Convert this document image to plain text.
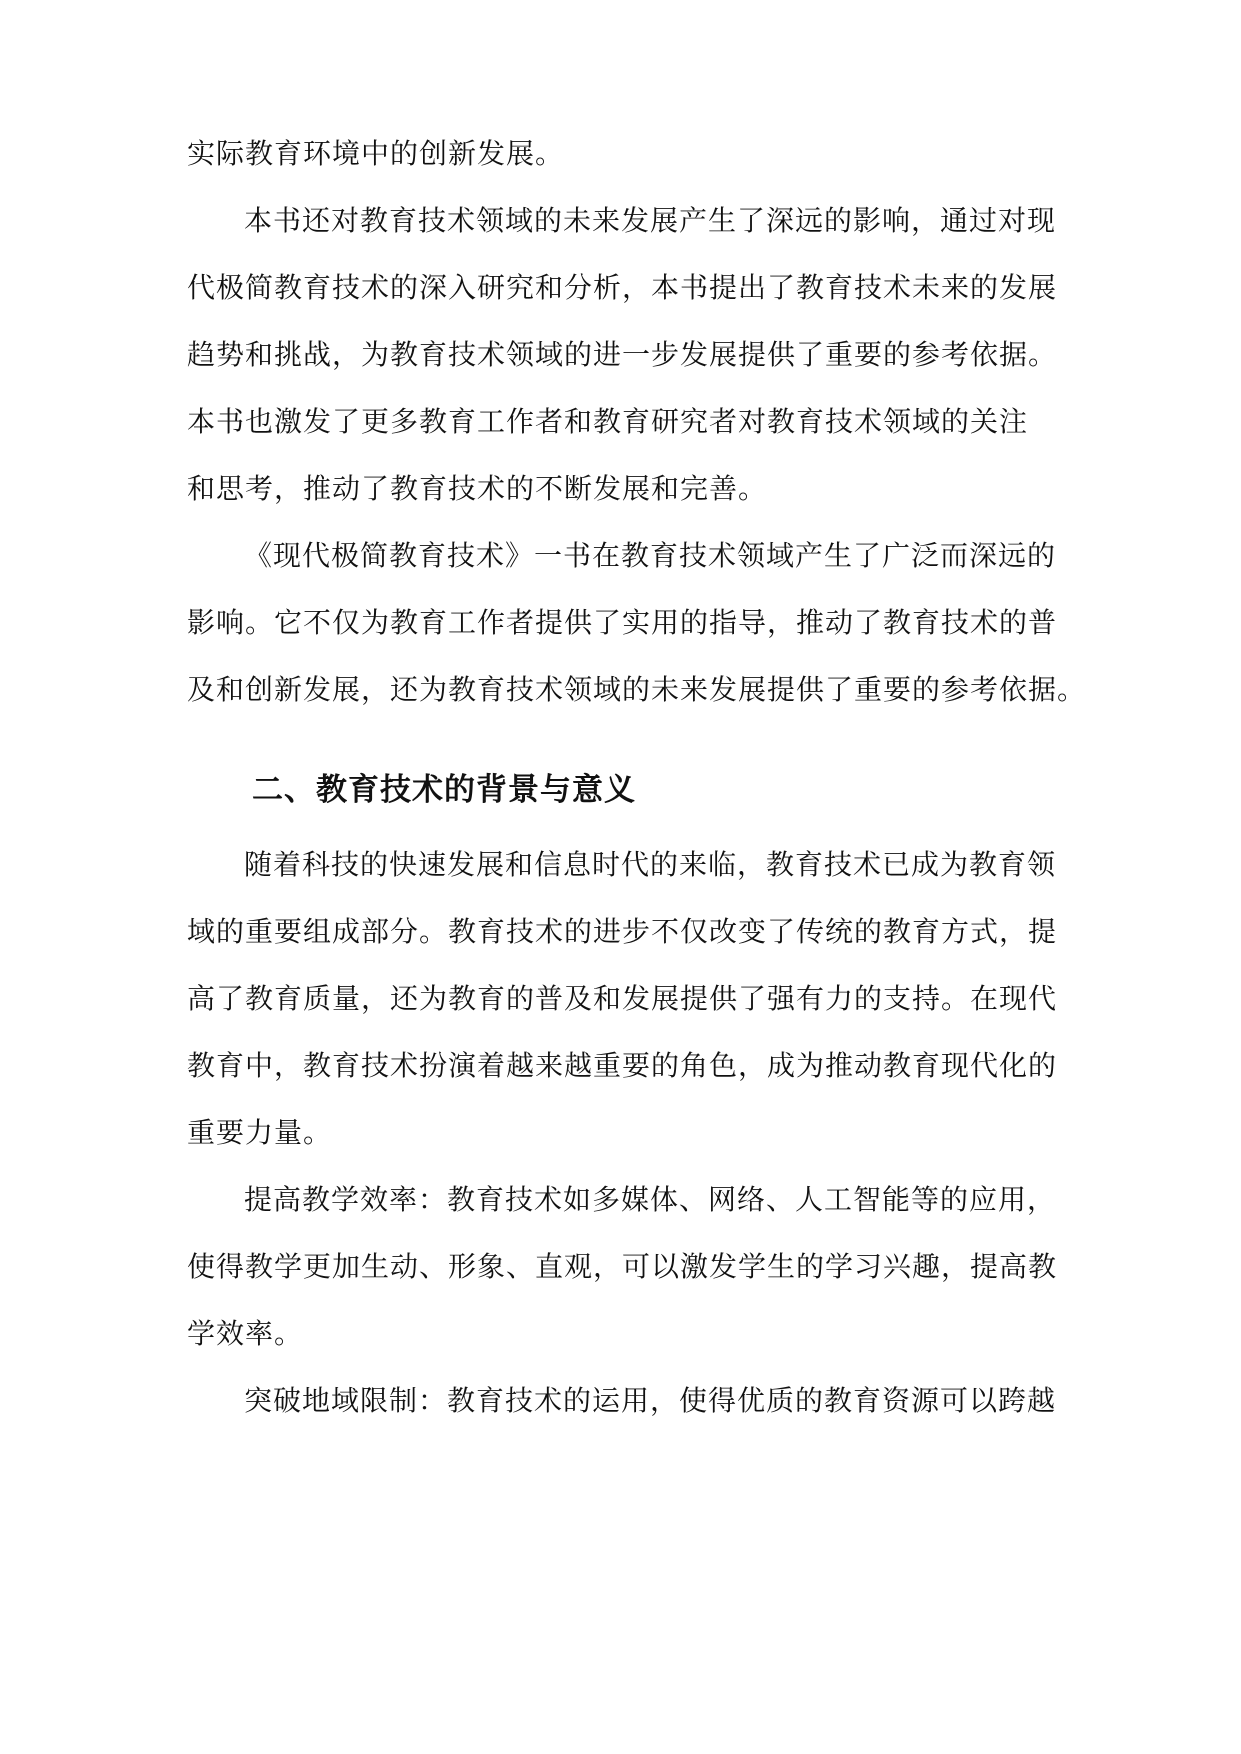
实际教育环境中的创新发展。
本书还对教育技术领域的未来发展产生了深远的影响，通过对现
代极简教育技术的深入研究和分析，本书提出了教育技术未来的发展
趋势和挑战，为教育技术领域的进一步发展提供了重要的参考依据。
本书也激发了更多教育工作者和教育研究者对教育技术领域的关注
和思考，推动了教育技术的不断发展和完善。
《现代极简教育技术》一书在教育技术领域产生了广泛而深远的
影响。它不仅为教育工作者提供了实用的指导，推动了教育技术的普
及和创新发展，还为教育技术领域的未来发展提供了重要的参考依据。
二、教育技术的背景与意义
随着科技的快速发展和信息时代的来临，教育技术已成为教育领
域的重要组成部分。教育技术的进步不仅改变了传统的教育方式，提
高了教育质量，还为教育的普及和发展提供了强有力的支持。在现代
教育中，教育技术扮演着越来越重要的角色，成为推动教育现代化的
重要力量。
提高教学效率：教育技术如多媒体、网络、人工智能等的应用，
使得教学更加生动、形象、直观，可以激发学生的学习兴趣，提高教
学效率。
突破地域限制：教育技术的运用，使得优质的教育资源可以跨越
